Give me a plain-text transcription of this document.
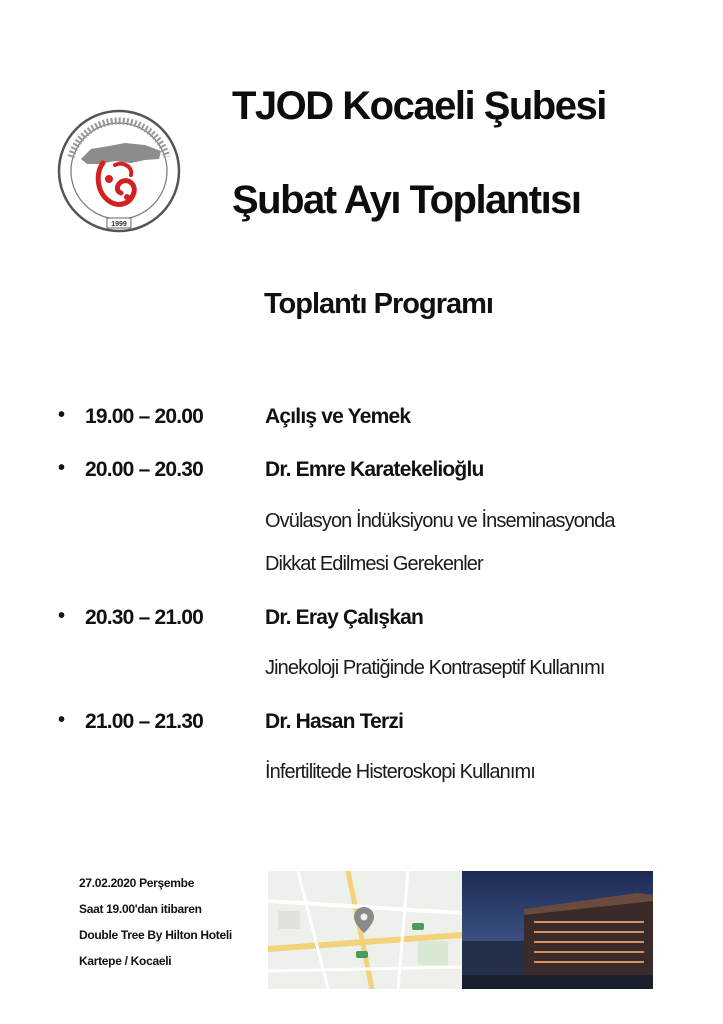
1999
TJOD Kocaeli Şubesi
Şubat Ayı Toplantısı
Toplantı Programı
• 19.00 – 20.00	Açılış ve Yemek
• 20.00 – 20.30	Dr. Emre Karatekelioğlu
Ovülasyon İndüksiyonu ve İnseminasyonda
Dikkat Edilmesi Gerekenler
• 20.30 – 21.00	Dr. Eray Çalışkan
Jinekoloji Pratiğinde Kontraseptif Kullanımı
• 21.00 – 21.30	Dr. Hasan Terzi
İnfertilitede Histeroskopi Kullanımı
27.02.2020 Perşembe
Saat 19.00'dan itibaren
Double Tree By Hilton Hoteli
Kartepe / Kocaeli
